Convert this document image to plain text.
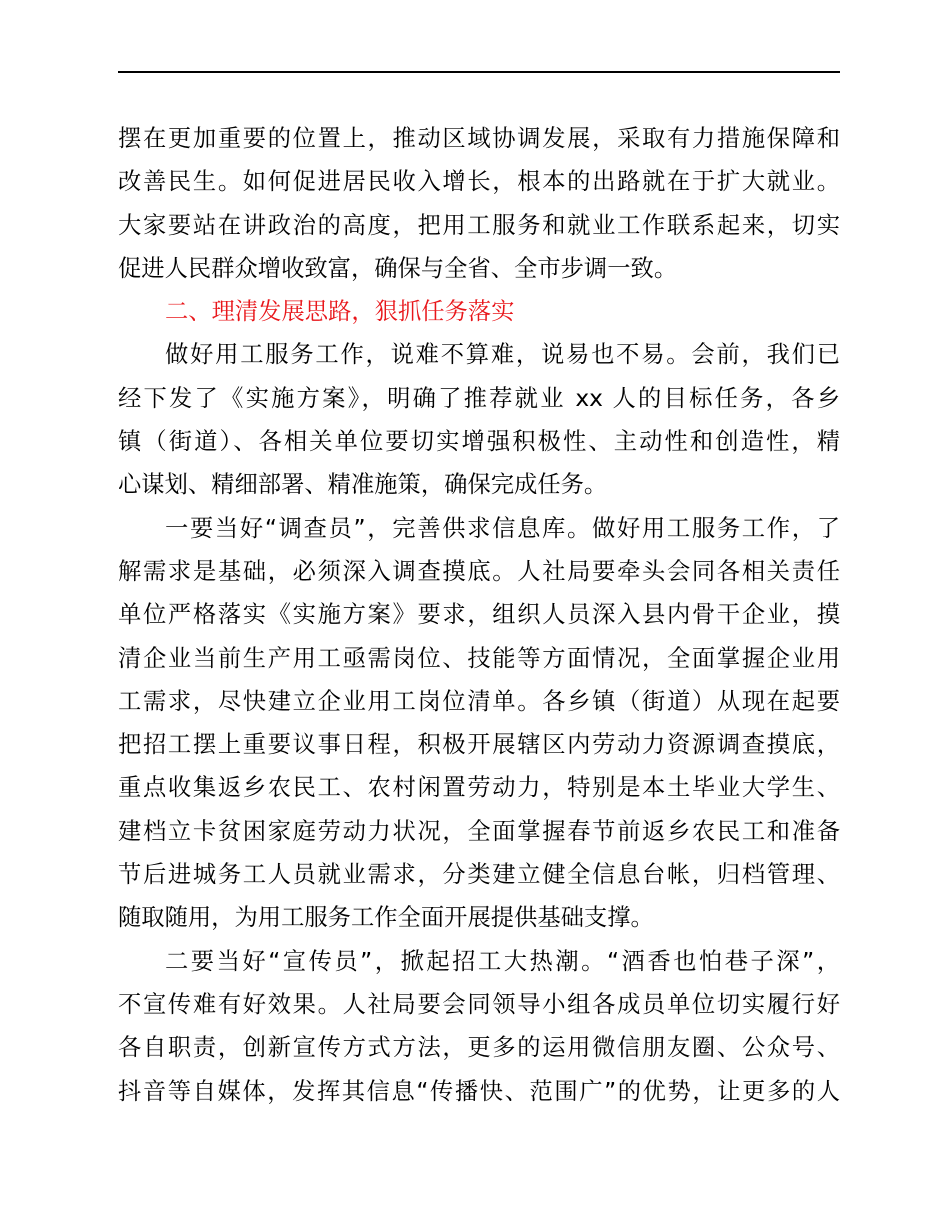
摆在更加重要的位置上，推动区域协调发展，采取有力措施保障和
改善民生。如何促进居民收入增长，根本的出路就在于扩大就业。
大家要站在讲政治的高度，把用工服务和就业工作联系起来，切实
促进人民群众增收致富，确保与全省、全市步调一致。
二、理清发展思路，狠抓任务落实
做好用工服务工作，说难不算难，说易也不易。会前，我们已
经下发了《实施方案》，明确了推荐就业 xx 人的目标任务，各乡
镇（街道）、各相关单位要切实增强积极性、主动性和创造性，精
心谋划、精细部署、精准施策，确保完成任务。
一要当好“调查员”，完善供求信息库。做好用工服务工作，了
解需求是基础，必须深入调查摸底。人社局要牵头会同各相关责任
单位严格落实《实施方案》要求，组织人员深入县内骨干企业，摸
清企业当前生产用工亟需岗位、技能等方面情况，全面掌握企业用
工需求，尽快建立企业用工岗位清单。各乡镇（街道）从现在起要
把招工摆上重要议事日程，积极开展辖区内劳动力资源调查摸底，
重点收集返乡农民工、农村闲置劳动力，特别是本土毕业大学生、
建档立卡贫困家庭劳动力状况，全面掌握春节前返乡农民工和准备
节后进城务工人员就业需求，分类建立健全信息台帐，归档管理、
随取随用，为用工服务工作全面开展提供基础支撑。
二要当好“宣传员”，掀起招工大热潮。“酒香也怕巷子深”，
不宣传难有好效果。人社局要会同领导小组各成员单位切实履行好
各自职责，创新宣传方式方法，更多的运用微信朋友圈、公众号、
抖音等自媒体，发挥其信息“传播快、范围广”的优势，让更多的人
